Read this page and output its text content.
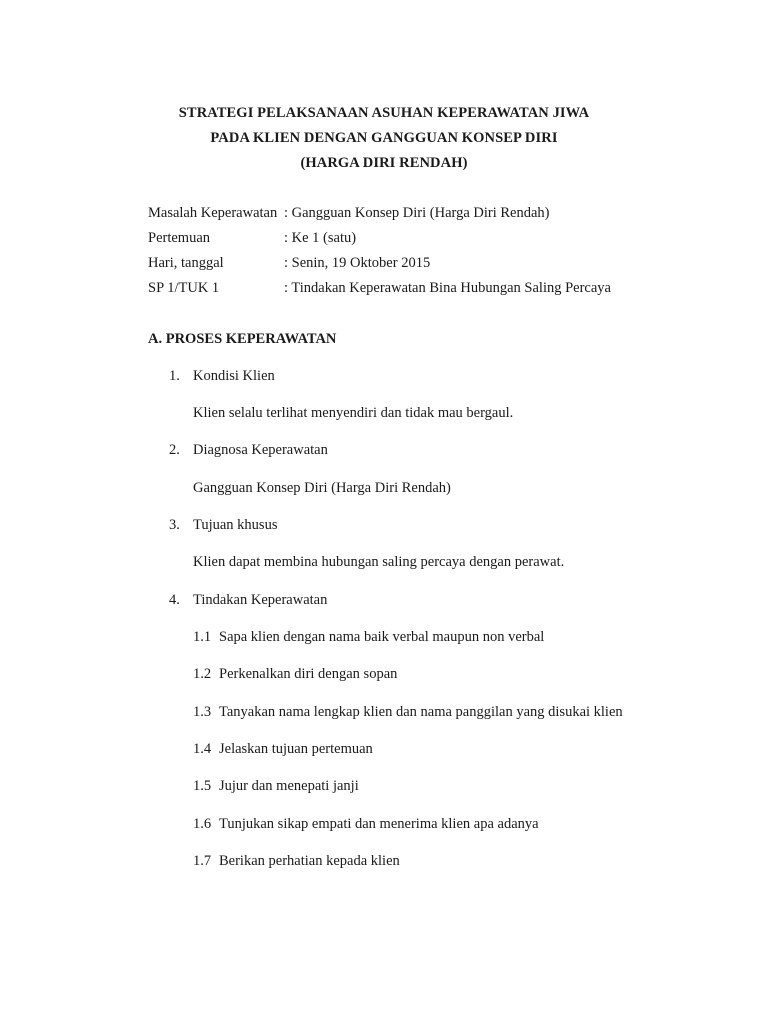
STRATEGI PELAKSANAAN ASUHAN KEPERAWATAN JIWA
PADA KLIEN DENGAN GANGGUAN KONSEP DIRI
(HARGA DIRI RENDAH)
Masalah Keperawatan : Gangguan Konsep Diri (Harga Diri Rendah)
Pertemuan	: Ke 1 (satu)
Hari, tanggal	: Senin, 19 Oktober 2015
SP 1/TUK 1	: Tindakan Keperawatan Bina Hubungan Saling Percaya
A. PROSES KEPERAWATAN
1. Kondisi Klien
Klien selalu terlihat menyendiri dan tidak mau bergaul.
2. Diagnosa Keperawatan
Gangguan Konsep Diri (Harga Diri Rendah)
3. Tujuan khusus
Klien dapat membina hubungan saling percaya dengan perawat.
4. Tindakan Keperawatan
1.1 Sapa klien dengan nama baik verbal maupun non verbal
1.2 Perkenalkan diri dengan sopan
1.3 Tanyakan nama lengkap klien dan nama panggilan yang disukai klien
1.4 Jelaskan tujuan pertemuan
1.5 Jujur dan menepati janji
1.6 Tunjukan sikap empati dan menerima klien apa adanya
1.7 Berikan perhatian kepada klien
